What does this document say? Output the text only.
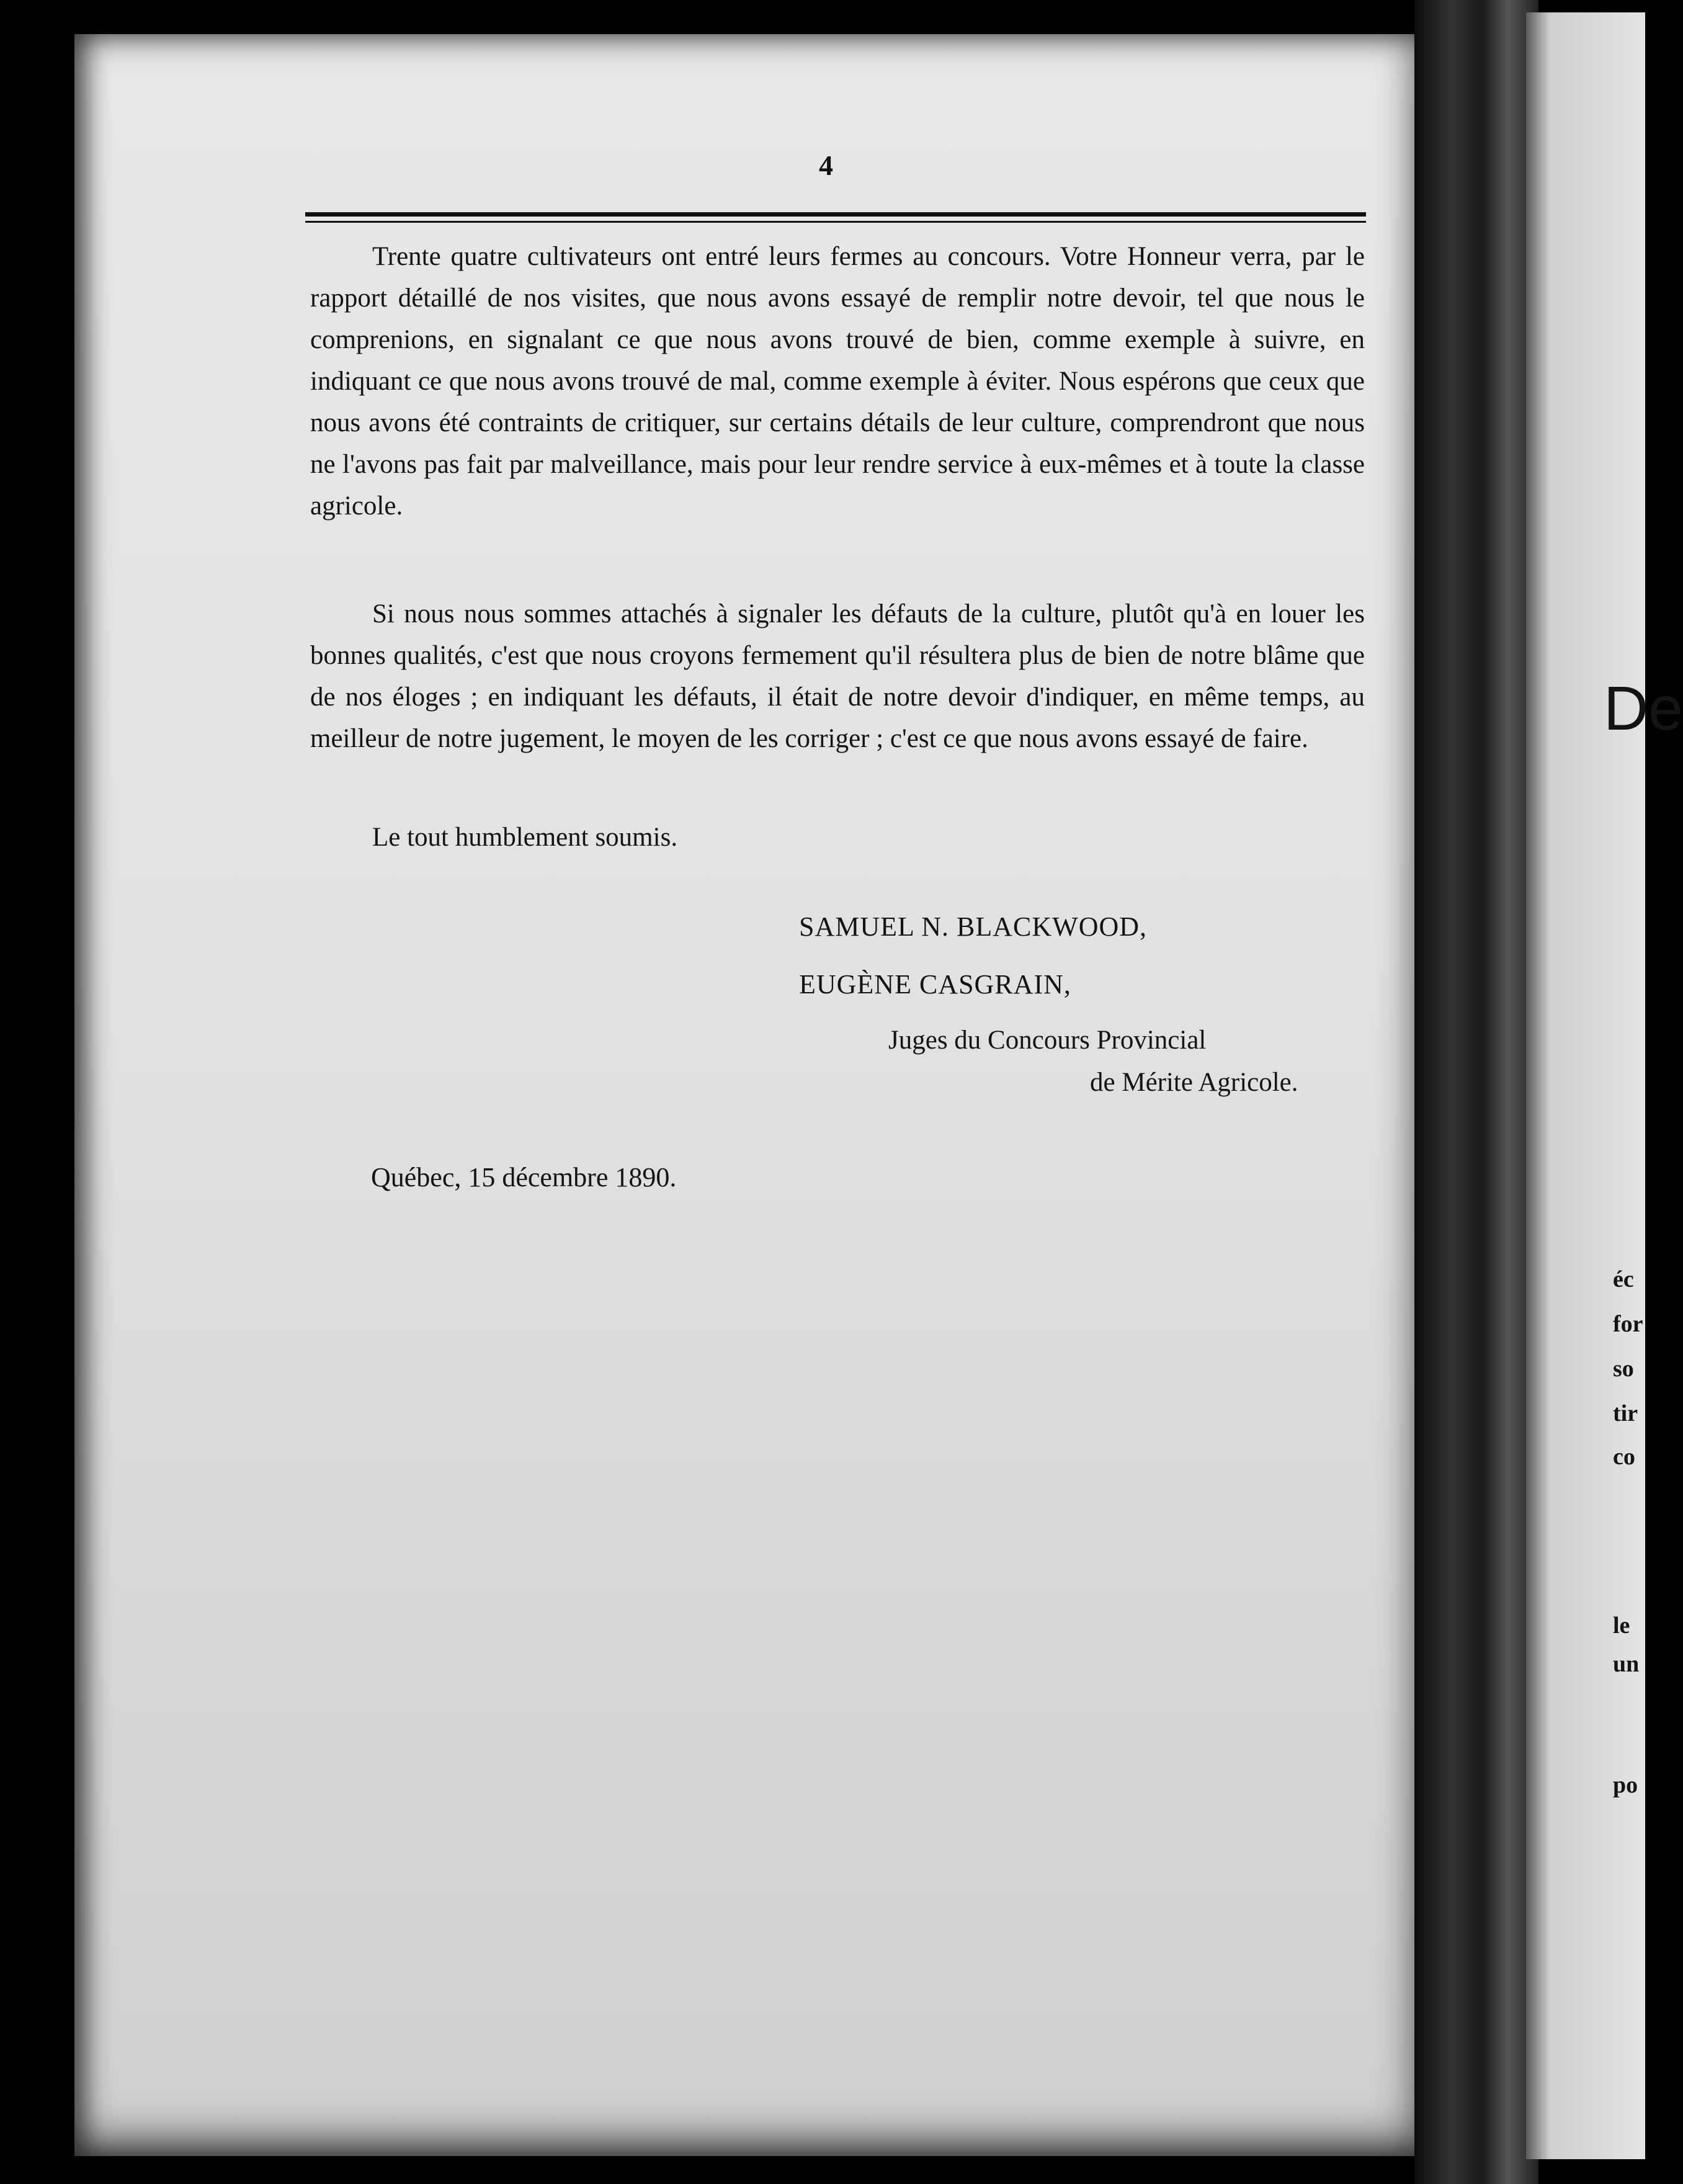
4
Trente quatre cultivateurs ont entré leurs fermes au concours. Votre Honneur verra, par le rapport détaillé de nos visites, que nous avons essayé de remplir notre devoir, tel que nous le comprenions, en signalant ce que nous avons trouvé de bien, comme exemple à suivre, en indiquant ce que nous avons trouvé de mal, comme exemple à éviter. Nous espérons que ceux que nous avons été contraints de critiquer, sur certains détails de leur culture, comprendront que nous ne l'avons pas fait par malveillance, mais pour leur rendre service à eux-mêmes et à toute la classe agricole.
Si nous nous sommes attachés à signaler les défauts de la culture, plutôt qu'à en louer les bonnes qualités, c'est que nous croyons fermement qu'il résultera plus de bien de notre blâme que de nos éloges ; en indiquant les défauts, il était de notre devoir d'indiquer, en même temps, au meilleur de notre jugement, le moyen de les corriger ; c'est ce que nous avons essayé de faire.
Le tout humblement soumis.
SAMUEL N. BLACKWOOD,
EUGÈNE CASGRAIN,
Juges du Concours Provincial
de Mérite Agricole.
Québec, 15 décembre 1890.
De
éc
for
so
tir
co
le
un
po
